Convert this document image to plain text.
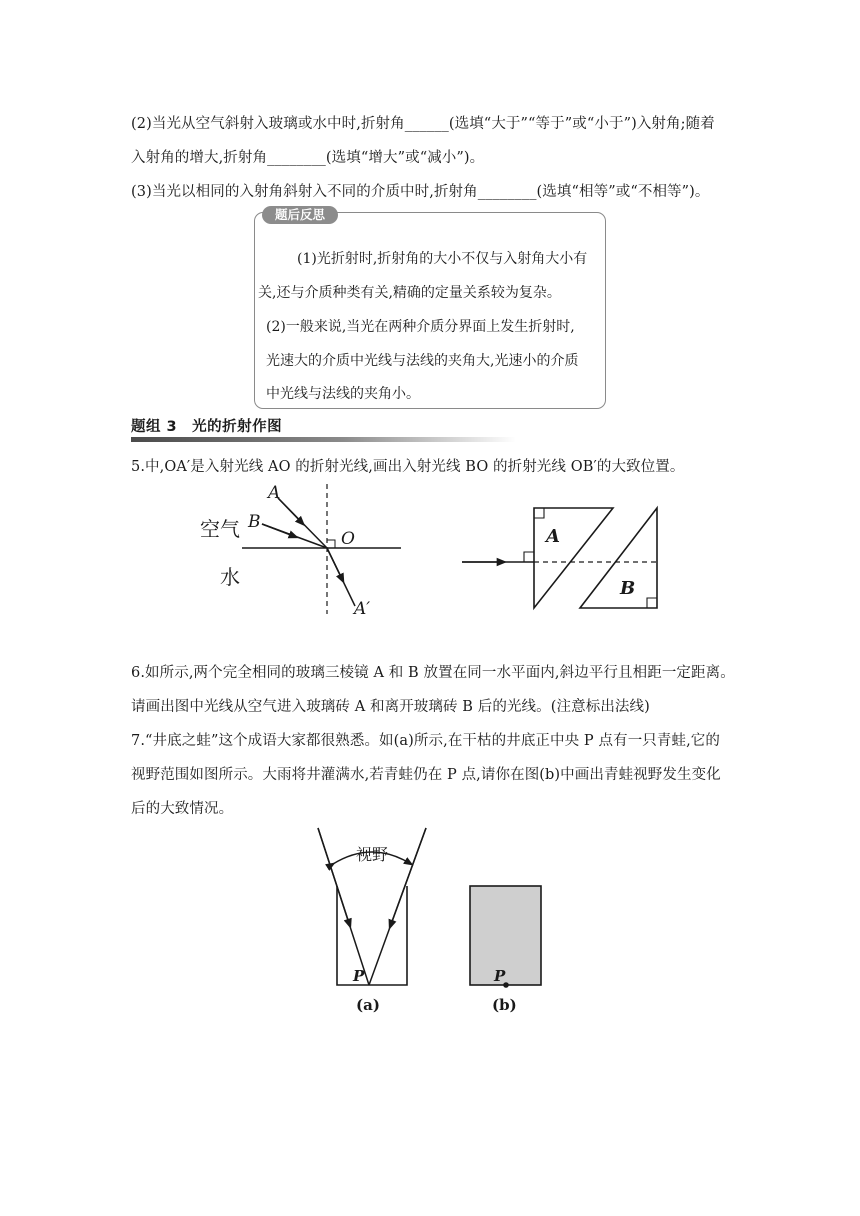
(2)当光从空气斜射入玻璃或水中时,折射角______(选填“大于”“等于”或“小于”)入射角;随着
入射角的增大,折射角________(选填“增大”或“减小”)。
(3)当光以相同的入射角斜射入不同的介质中时,折射角________(选填“相等”或“不相等”)。
题后反思
(1)光折射时,折射角的大小不仅与入射角大小有
关,还与介质种类有关,精确的定量关系较为复杂。
(2)一般来说,当光在两种介质分界面上发生折射时,
光速大的介质中光线与法线的夹角大,光速小的介质
中光线与法线的夹角小。
题组 3　光的折射作图
5.中,OA′是入射光线 AO 的折射光线,画出入射光线 BO 的折射光线 OB′的大致位置。
空气
水
A
B
O
A′
A
B
6.如所示,两个完全相同的玻璃三棱镜 A 和 B 放置在同一水平面内,斜边平行且相距一定距离。
请画出图中光线从空气进入玻璃砖 A 和离开玻璃砖 B 后的光线。(注意标出法线)
7.“井底之蛙”这个成语大家都很熟悉。如(a)所示,在干枯的井底正中央 P 点有一只青蛙,它的
视野范围如图所示。大雨将井灌满水,若青蛙仍在 P 点,请你在图(b)中画出青蛙视野发生变化
后的大致情况。
视野
P
(a)
P
(b)
